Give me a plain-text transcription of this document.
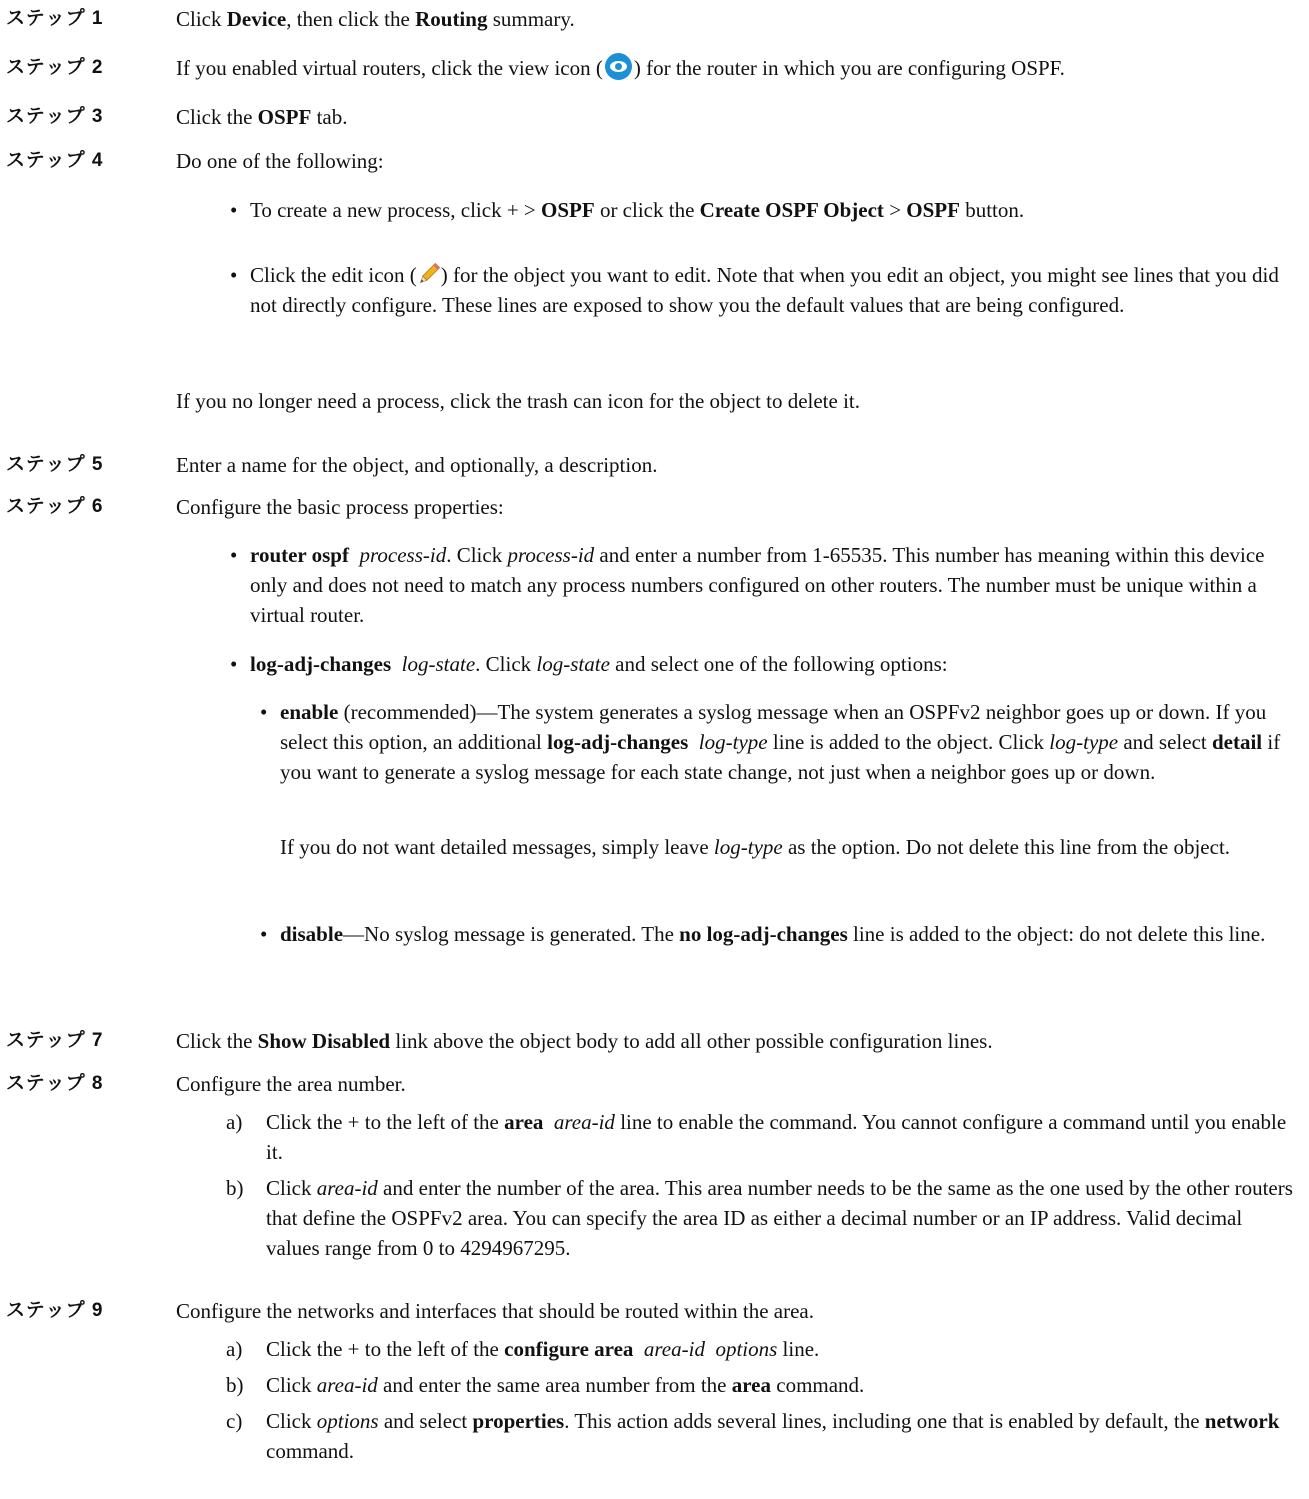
ステップ 1	Click Device, then click the Routing summary.

ステップ 2	If you enabled virtual routers, click the view icon ( ) for the router in which you are configuring OSPF.

ステップ 3	Click the OSPF tab.

ステップ 4	Do one of the following:

• To create a new process, click + > OSPF or click the Create OSPF Object > OSPF button.

• Click the edit icon ( ) for the object you want to edit. Note that when you edit an object, you might see lines that you did not directly configure. These lines are exposed to show you the default values that are being configured.

If you no longer need a process, click the trash can icon for the object to delete it.

ステップ 5	Enter a name for the object, and optionally, a description.

ステップ 6	Configure the basic process properties:

• router ospf process-id. Click process-id and enter a number from 1-65535. This number has meaning within this device only and does not need to match any process numbers configured on other routers. The number must be unique within a virtual router.

• log-adj-changes log-state. Click log-state and select one of the following options:

• enable (recommended)—The system generates a syslog message when an OSPFv2 neighbor goes up or down. If you select this option, an additional log-adj-changes log-type line is added to the object. Click log-type and select detail if you want to generate a syslog message for each state change, not just when a neighbor goes up or down.

If you do not want detailed messages, simply leave log-type as the option. Do not delete this line from the object.

• disable—No syslog message is generated. The no log-adj-changes line is added to the object: do not delete this line.

ステップ 7	Click the Show Disabled link above the object body to add all other possible configuration lines.

ステップ 8	Configure the area number.

a)	Click the + to the left of the area area-id line to enable the command. You cannot configure a command until you enable it.

b)	Click area-id and enter the number of the area. This area number needs to be the same as the one used by the other routers that define the OSPFv2 area. You can specify the area ID as either a decimal number or an IP address. Valid decimal values range from 0 to 4294967295.

ステップ 9	Configure the networks and interfaces that should be routed within the area.

a)	Click the + to the left of the configure area area-id options line.

b)	Click area-id and enter the same area number from the area command.

c)	Click options and select properties. This action adds several lines, including one that is enabled by default, the network command.
